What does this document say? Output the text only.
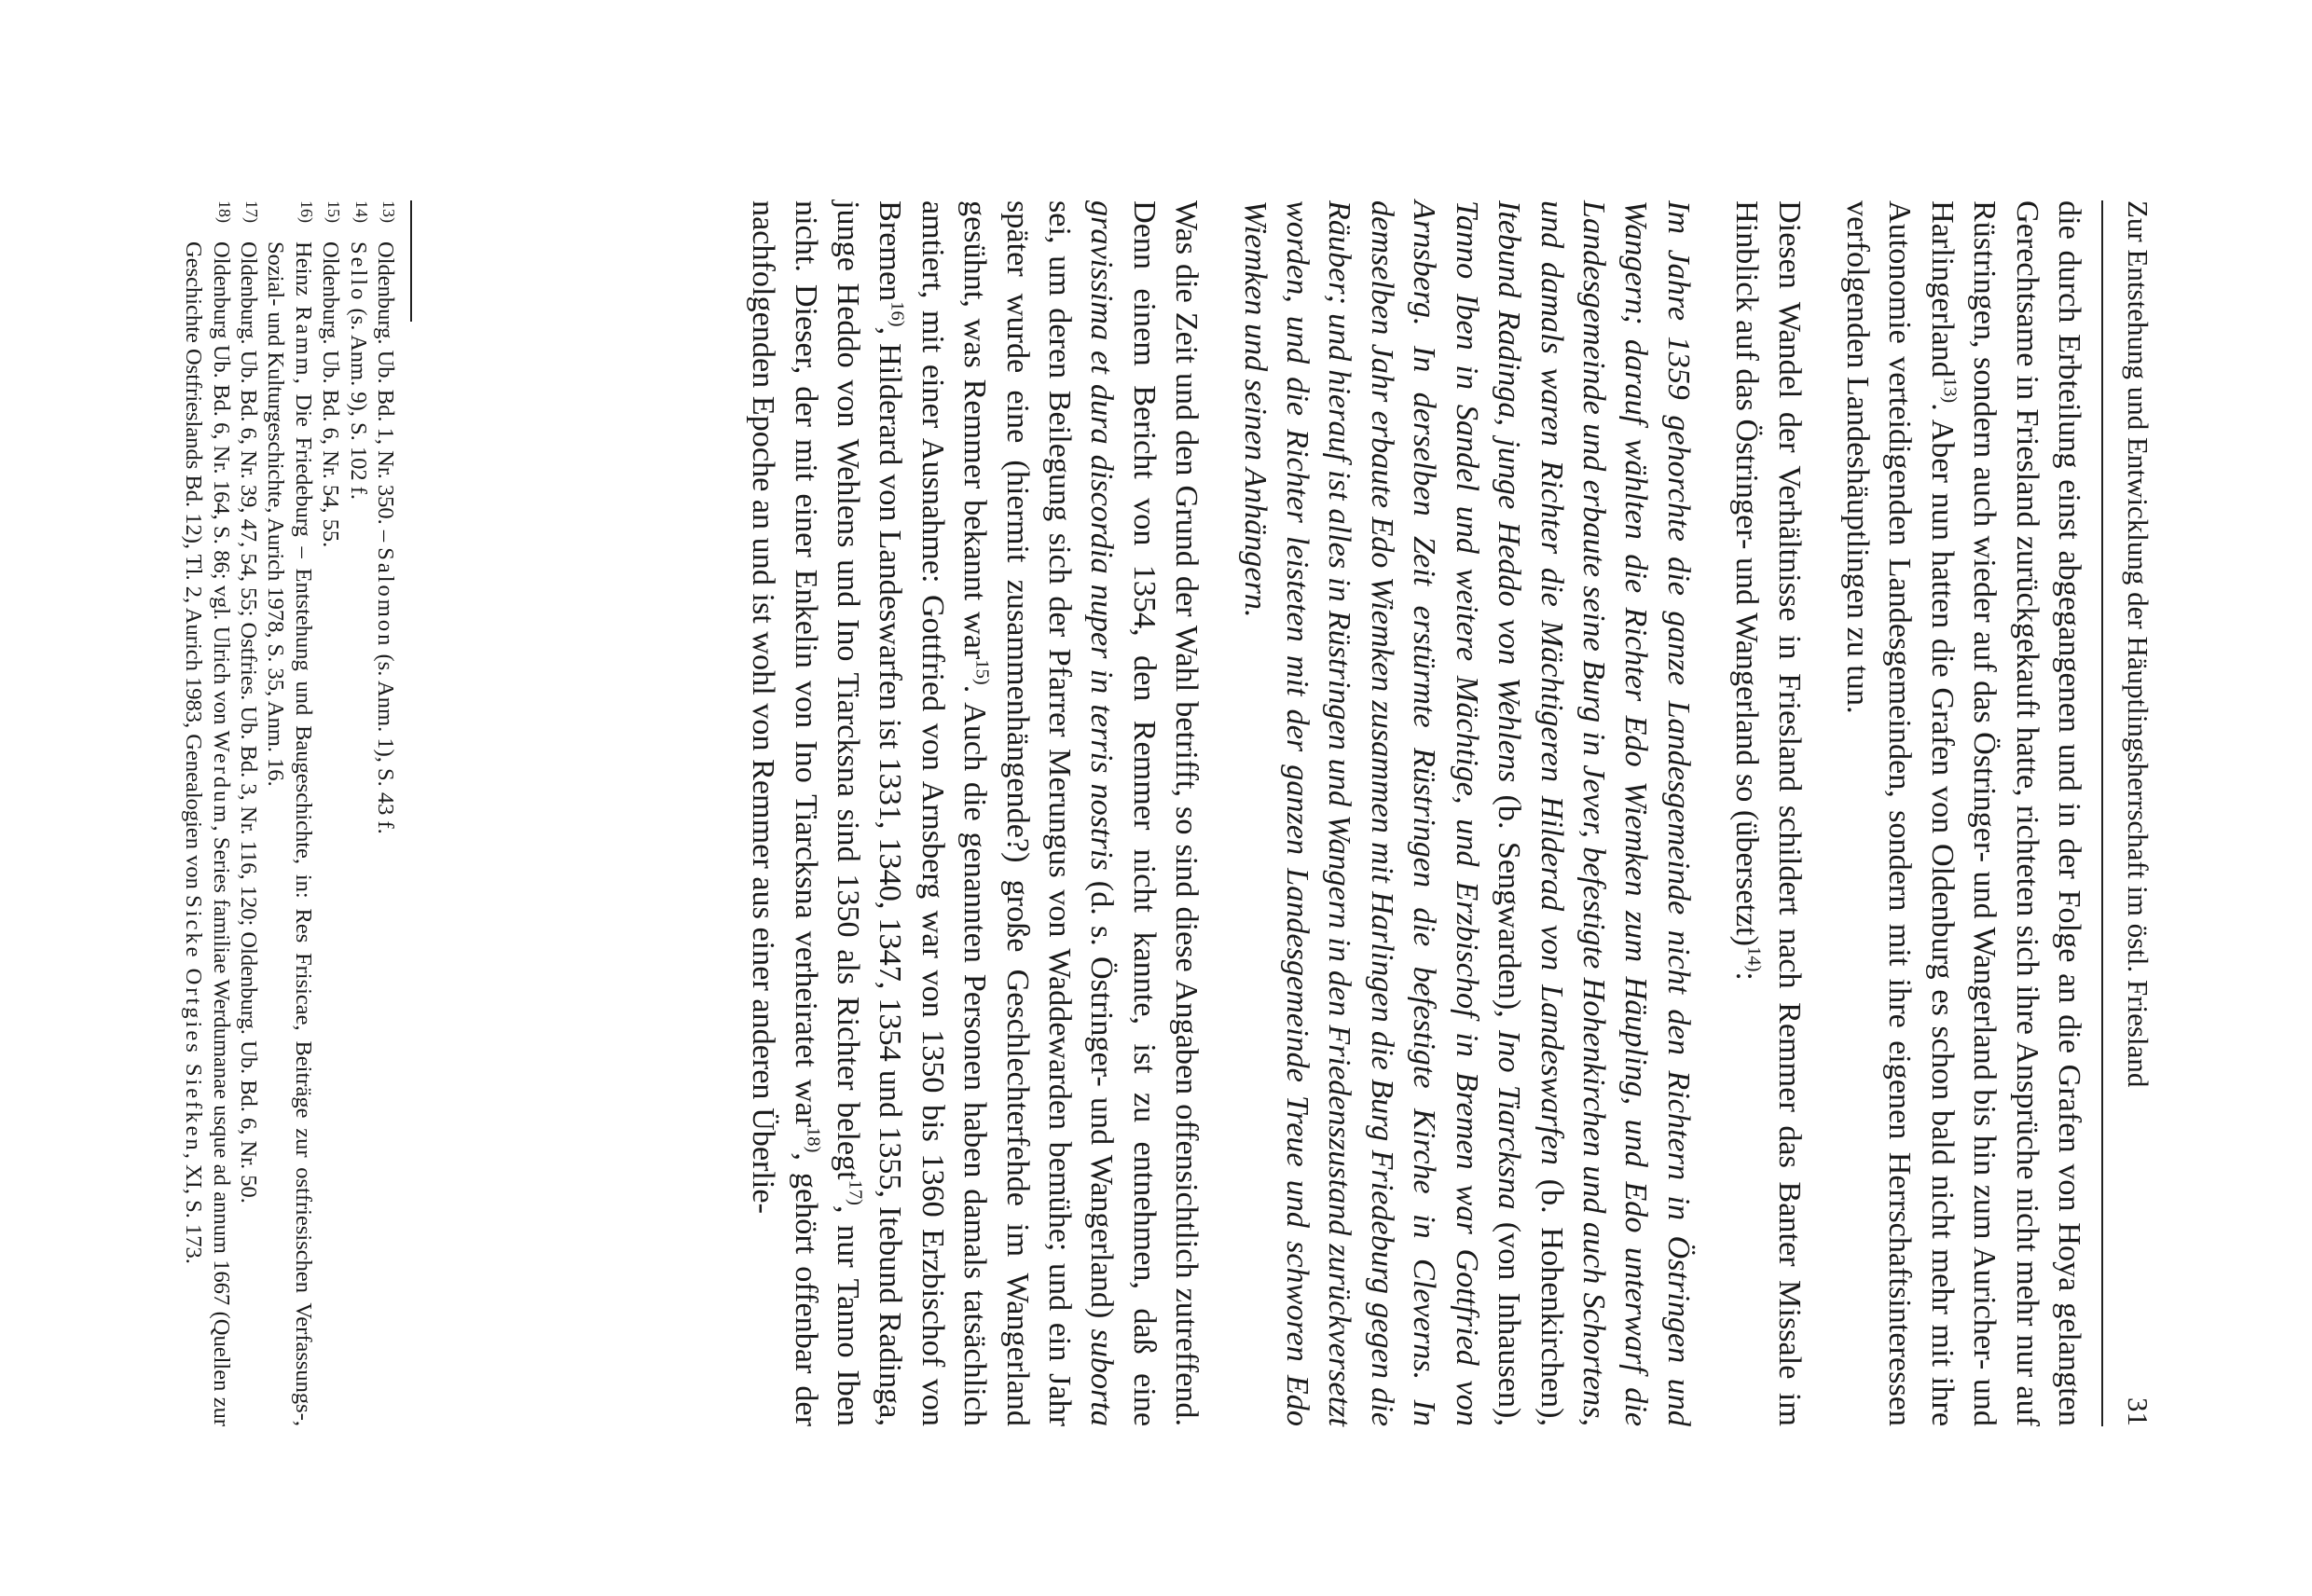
Zur Entstehung und Entwicklung der Häuptlingsherrschaft im östl. Friesland
31

die durch Erbteilung einst abgegangenen und in der Folge an die Grafen von Hoya gelangten Gerechtsame in Friesland zurückgekauft hatte, richteten sich ihre Ansprüche nicht mehr nur auf Rüstringen, sondern auch wieder auf das Östringer- und Wangerland bis hin zum Auricher- und Harlingerland$^{13)}$. Aber nun hatten die Grafen von Oldenburg es schon bald nicht mehr mit ihre Autonomie verteidigenden Landesgemeinden, sondern mit ihre eigenen Herrschaftsinteressen verfolgenden Landeshäuptlingen zu tun.

Diesen Wandel der Verhältnisse in Friesland schildert nach Remmer das Banter Missale im Hinblick auf das Östringer- und Wangerland so (übersetzt)$^{14)}$:

Im Jahre 1359 gehorchte die ganze Landesgemeinde nicht den Richtern in Östringen und Wangern; darauf wählten die Richter Edo Wiemken zum Häupling, und Edo unterwarf die Landesgemeinde und erbaute seine Burg in Jever, befestigte Hohenkirchen und auch Schortens, und damals waren Richter die Mächtigeren Hilderad von Landeswarfen (b. Hohenkirchen), Itebund Radinga, junge Heddo von Wehlens (b. Sengwarden), Ino Tiarcksna (von Inhausen), Tanno Iben in Sandel und weitere Mächtige, und Erzbischof in Bremen war Gottfried von Arnsberg. In derselben Zeit erstürmte Rüstringen die befestigte Kirche in Cleverns. In demselben Jahr erbaute Edo Wiemken zusammen mit Harlingen die Burg Friedeburg gegen die Räuber; und hierauf ist alles in Rüstringen und Wangern in den Friedenszustand zurückversetzt worden, und die Richter leisteten mit der ganzen Landesgemeinde Treue und schworen Edo Wiemken und seinen Anhängern.

Was die Zeit und den Grund der Wahl betrifft, so sind diese Angaben offensichtlich zutreffend. Denn einem Bericht von 1354, den Remmer nicht kannte, ist zu entnehmen, daß eine gravissima et dura discordia nuper in terris nostris (d. s. Östringer- und Wangerland) suborta sei, um deren Beilegung sich der Pfarrer Merungus von Waddewarden bemühe; und ein Jahr später wurde eine (hiermit zusammenhängende?) große Geschlechterfehde im Wangerland gesühnt, was Remmer bekannt war$^{15)}$. Auch die genannten Personen haben damals tatsächlich amtiert, mit einer Ausnahme: Gottfried von Arnsberg war von 1350 bis 1360 Erzbischof von Bremen$^{16)}$, Hilderard von Landeswarfen ist 1331, 1340, 1347, 1354 und 1355, Itebund Radinga, junge Heddo von Wehlens und Ino Tiarcksna sind 1350 als Richter belegt$^{17)}$, nur Tanno Iben nicht. Dieser, der mit einer Enkelin von Ino Tiarcksna verheiratet war$^{18)}$, gehört offenbar der nachfolgenden Epoche an und ist wohl von Remmer aus einer anderen Überlie-

13)
Oldenburg. Ub. Bd. 1, Nr. 350. – Salomon (s. Anm. 1), S. 43 f.
14)
Sello (s. Anm. 9), S. 102 f.
15)
Oldenburg. Ub. Bd. 6, Nr. 54, 55.
16)
Heinz Ramm, Die Friedeburg – Entstehung und Baugeschichte, in: Res Frisicae, Beiträge zur ostfriesischen Verfassungs-, Sozial- und Kulturgeschichte, Aurich 1978, S. 35, Anm. 16.
17)
Oldenburg. Ub. Bd. 6, Nr. 39, 47, 54, 55; Ostfries. Ub. Bd. 3, Nr. 116, 120; Oldenburg. Ub. Bd. 6, Nr. 50.
18)
Oldenburg Ub. Bd. 6, Nr. 164, S. 86; vgl. Ulrich von Werdum, Series familiae Werdumanae usque ad annum 1667 (Quellen zur Geschichte Ostfrieslands Bd. 12), Tl. 2, Aurich 1983, Genealogien von Sicke Ortgies Siefken, XI, S. 173.
